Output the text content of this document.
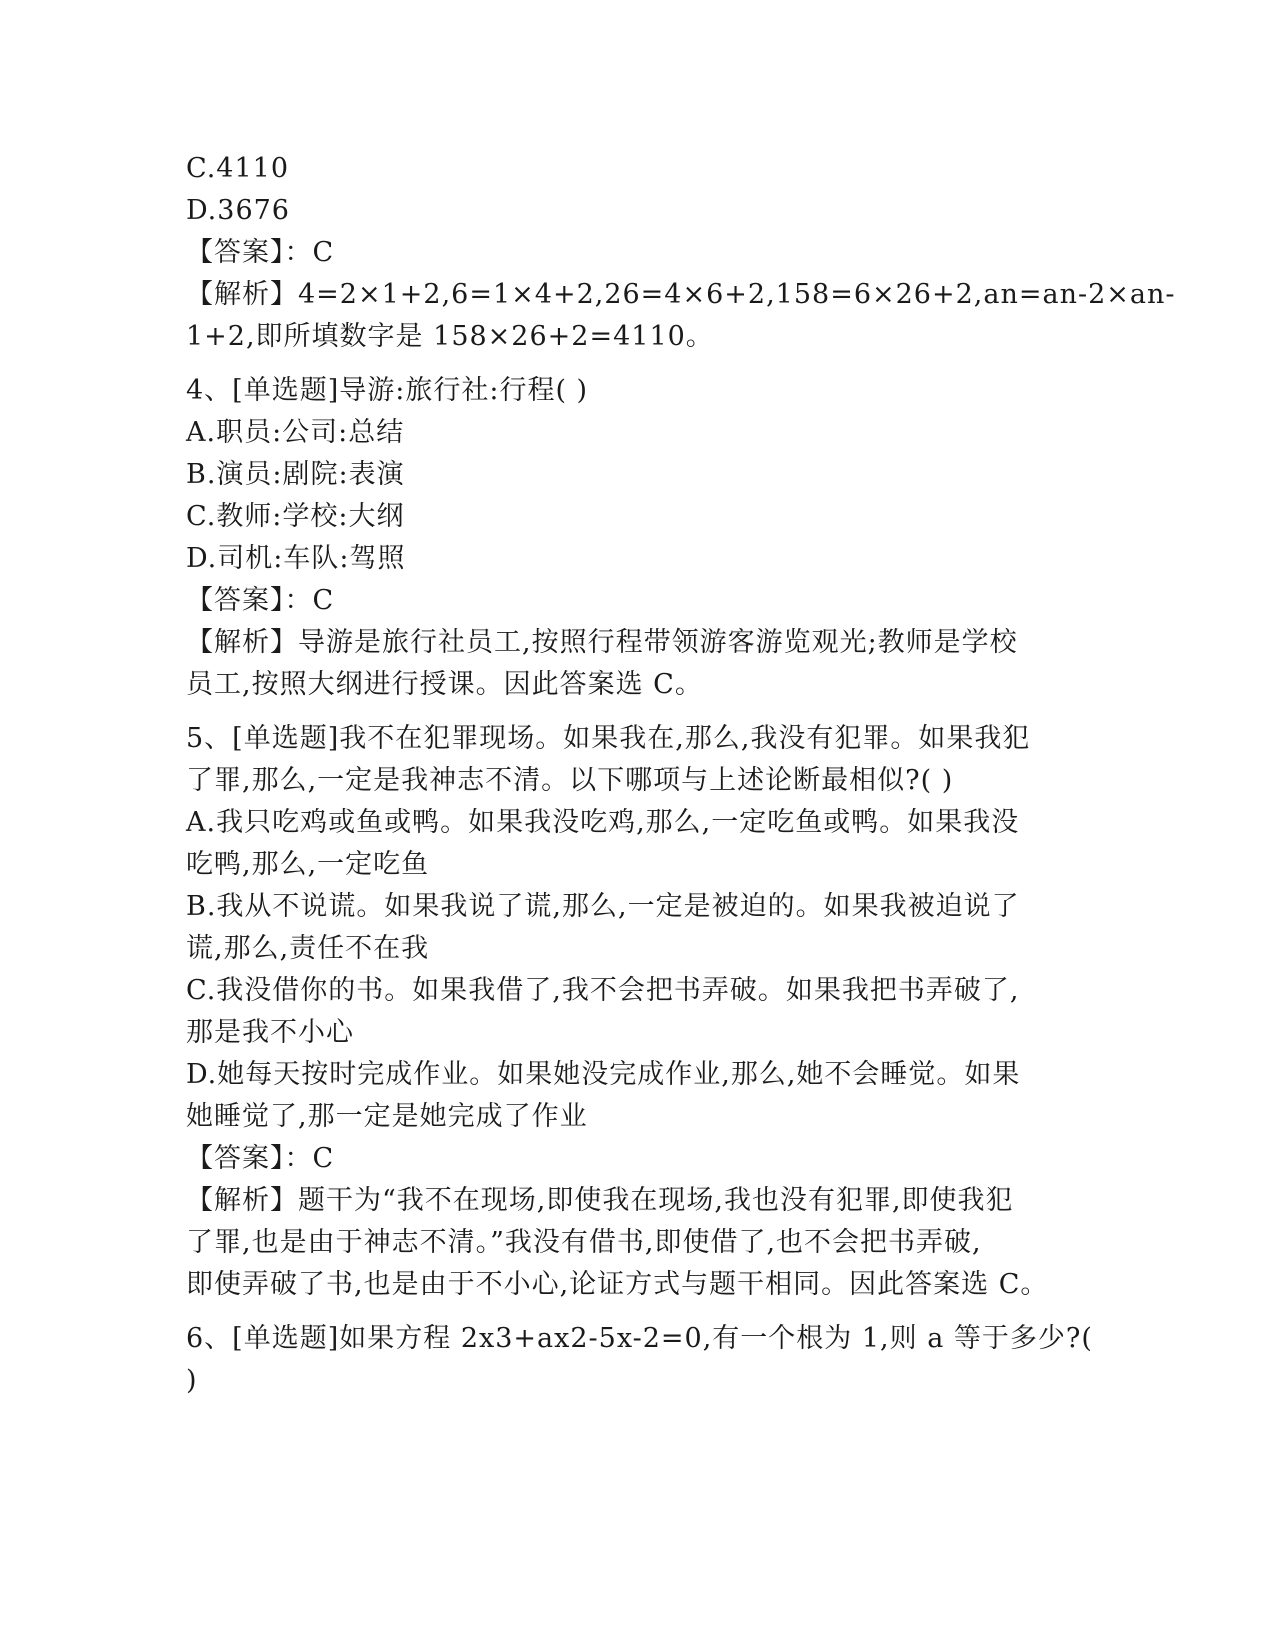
C.4110

D.3676

【答案】：C

【解析】4=2×1+2,6=1×4+2,26=4×6+2,158=6×26+2,an=an-2×an-

1+2,即所填数字是 158×26+2=4110。

4、[单选题]导游:旅行社:行程( )

A.职员:公司:总结

B.演员:剧院:表演

C.教师:学校:大纲

D.司机:车队:驾照

【答案】：C

【解析】导游是旅行社员工,按照行程带领游客游览观光;教师是学校

员工,按照大纲进行授课。因此答案选 C。

5、[单选题]我不在犯罪现场。如果我在,那么,我没有犯罪。如果我犯

了罪,那么,一定是我神志不清。以下哪项与上述论断最相似?( )

A.我只吃鸡或鱼或鸭。如果我没吃鸡,那么,一定吃鱼或鸭。如果我没

吃鸭,那么,一定吃鱼

B.我从不说谎。如果我说了谎,那么,一定是被迫的。如果我被迫说了

谎,那么,责任不在我

C.我没借你的书。如果我借了,我不会把书弄破。如果我把书弄破了,

那是我不小心

D.她每天按时完成作业。如果她没完成作业,那么,她不会睡觉。如果

她睡觉了,那一定是她完成了作业

【答案】：C

【解析】题干为“我不在现场,即使我在现场,我也没有犯罪,即使我犯

了罪,也是由于神志不清。”我没有借书,即使借了,也不会把书弄破,

即使弄破了书,也是由于不小心,论证方式与题干相同。因此答案选 C。

6、[单选题]如果方程 2x3+ax2-5x-2=0,有一个根为 1,则 a 等于多少?(

)
